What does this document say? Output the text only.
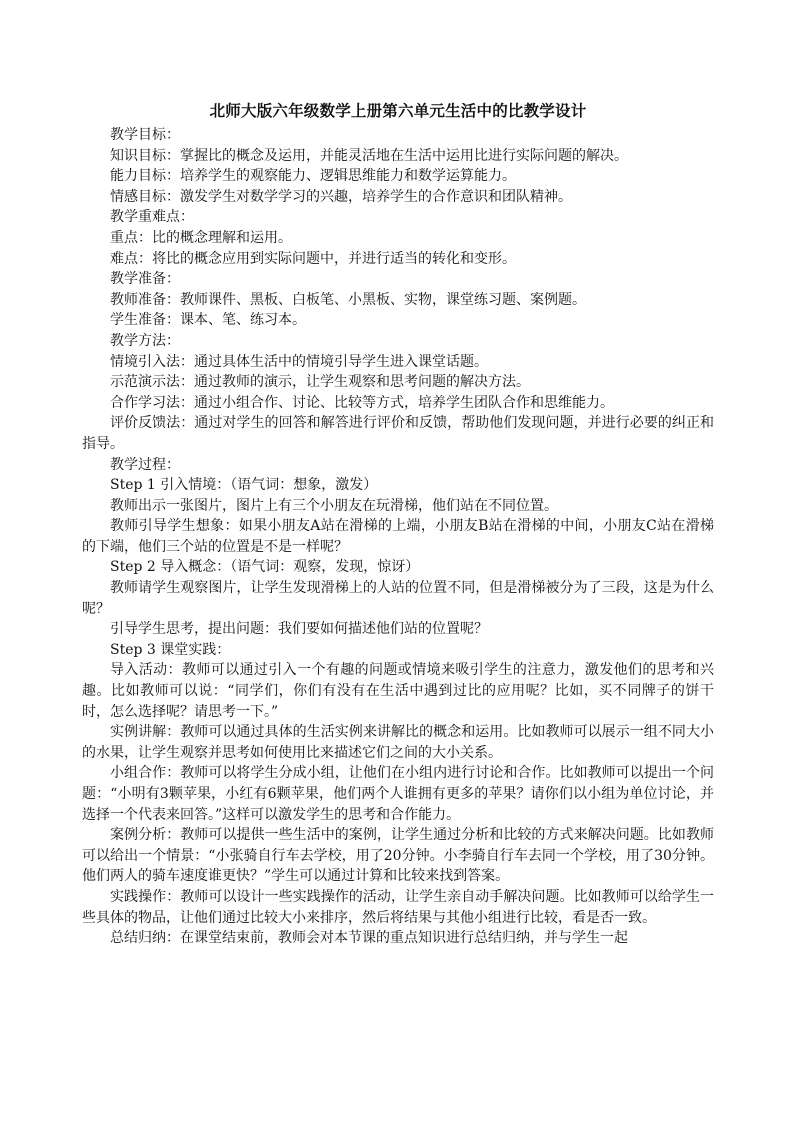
北师大版六年级数学上册第六单元生活中的比教学设计

教学目标：

知识目标：掌握比的概念及运用，并能灵活地在生活中运用比进行实际问题的解决。

能力目标：培养学生的观察能力、逻辑思维能力和数学运算能力。

情感目标：激发学生对数学学习的兴趣，培养学生的合作意识和团队精神。

教学重难点：

重点：比的概念理解和运用。

难点：将比的概念应用到实际问题中，并进行适当的转化和变形。

教学准备：

教师准备：教师课件、黑板、白板笔、小黑板、实物，课堂练习题、案例题。

学生准备：课本、笔、练习本。

教学方法：

情境引入法：通过具体生活中的情境引导学生进入课堂话题。

示范演示法：通过教师的演示，让学生观察和思考问题的解决方法。

合作学习法：通过小组合作、讨论、比较等方式，培养学生团队合作和思维能力。

评价反馈法：通过对学生的回答和解答进行评价和反馈，帮助他们发现问题，并进行必要的纠正和指导。

教学过程：

Step 1 引入情境：（语气词：想象，激发）

教师出示一张图片，图片上有三个小朋友在玩滑梯，他们站在不同位置。

教师引导学生想象：如果小朋友A站在滑梯的上端，小朋友B站在滑梯的中间，小朋友C站在滑梯的下端，他们三个站的位置是不是一样呢？

Step 2 导入概念：（语气词：观察，发现，惊讶）

教师请学生观察图片，让学生发现滑梯上的人站的位置不同，但是滑梯被分为了三段，这是为什么呢？

引导学生思考，提出问题：我们要如何描述他们站的位置呢？

Step 3 课堂实践：

导入活动：教师可以通过引入一个有趣的问题或情境来吸引学生的注意力，激发他们的思考和兴趣。比如教师可以说：“同学们，你们有没有在生活中遇到过比的应用呢？比如，买不同牌子的饼干时，怎么选择呢？请思考一下。”

实例讲解：教师可以通过具体的生活实例来讲解比的概念和运用。比如教师可以展示一组不同大小的水果，让学生观察并思考如何使用比来描述它们之间的大小关系。

小组合作：教师可以将学生分成小组，让他们在小组内进行讨论和合作。比如教师可以提出一个问题：“小明有3颗苹果，小红有6颗苹果，他们两个人谁拥有更多的苹果？请你们以小组为单位讨论，并选择一个代表来回答。”这样可以激发学生的思考和合作能力。

案例分析：教师可以提供一些生活中的案例，让学生通过分析和比较的方式来解决问题。比如教师可以给出一个情景：“小张骑自行车去学校，用了20分钟。小李骑自行车去同一个学校，用了30分钟。他们两人的骑车速度谁更快？”学生可以通过计算和比较来找到答案。

实践操作：教师可以设计一些实践操作的活动，让学生亲自动手解决问题。比如教师可以给学生一些具体的物品，让他们通过比较大小来排序，然后将结果与其他小组进行比较，看是否一致。

总结归纳：在课堂结束前，教师会对本节课的重点知识进行总结归纳，并与学生一起
